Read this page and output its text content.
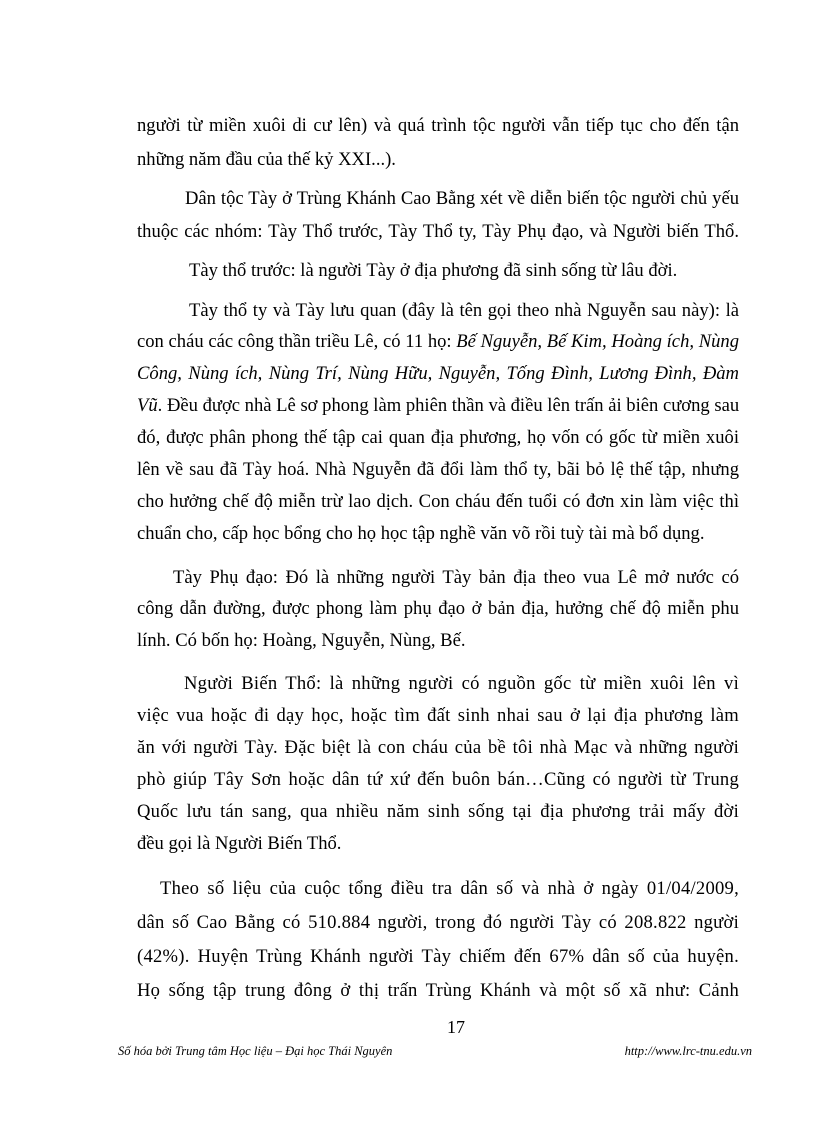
người từ miền xuôi di cư lên) và quá trình tộc người vẫn tiếp tục cho đến tận
những năm đầu của thế kỷ XXI...).
Dân tộc Tày ở Trùng Khánh Cao Bằng xét về diễn biến tộc người chủ yếu
thuộc các nhóm: Tày Thổ trước, Tày Thổ ty, Tày Phụ đạo, và Người biến Thổ.
Tày thổ trước: là người Tày ở địa phương đã sinh sống từ lâu đời.
Tày thổ ty và Tày lưu quan (đây là tên gọi theo nhà Nguyễn sau này): là
con cháu các công thần triều Lê, có 11 họ: Bế Nguyễn, Bế Kim, Hoàng ích, Nùng
Công, Nùng ích, Nùng Trí, Nùng Hữu, Nguyễn, Tống Đình, Lương Đình, Đàm
Vũ. Đều được nhà Lê sơ phong làm phiên thần và điều lên trấn ải biên cương sau
đó, được phân phong thế tập cai quan địa phương, họ vốn có gốc từ miền xuôi
lên về sau đã Tày hoá. Nhà Nguyễn đã đổi làm thổ ty, bãi bỏ lệ thế tập, nhưng
cho hưởng chế độ miễn trừ lao dịch. Con cháu đến tuổi có đơn xin làm việc thì
chuẩn cho, cấp học bổng cho họ học tập nghề văn võ rồi tuỳ tài mà bổ dụng.
Tày Phụ đạo: Đó là những người Tày bản địa theo vua Lê mở nước có
công dẫn đường, được phong làm phụ đạo ở bản địa, hưởng chế độ miễn phu
lính. Có bốn họ: Hoàng, Nguyễn, Nùng, Bế.
Người Biến Thổ: là những người có nguồn gốc từ miền xuôi lên vì
việc vua hoặc đi dạy học, hoặc tìm đất sinh nhai sau ở lại địa phương làm
ăn với người Tày. Đặc biệt là con cháu của bề tôi nhà Mạc và những người
phò giúp Tây Sơn hoặc dân tứ xứ đến buôn bán…Cũng có người từ Trung
Quốc lưu tán sang, qua nhiều năm sinh sống tại địa phương trải mấy đời
đều gọi là Người Biến Thổ.
Theo số liệu của cuộc tổng điều tra dân số và nhà ở ngày 01/04/2009,
dân số Cao Bằng có 510.884 người, trong đó người Tày có 208.822 người
(42%). Huyện Trùng Khánh người Tày chiếm đến 67% dân số của huyện.
Họ sống tập trung đông ở thị trấn Trùng Khánh và một số xã như: Cảnh
17
Số hóa bởi Trung tâm Học liệu – Đại học Thái Nguyên	http://www.lrc-tnu.edu.vn
